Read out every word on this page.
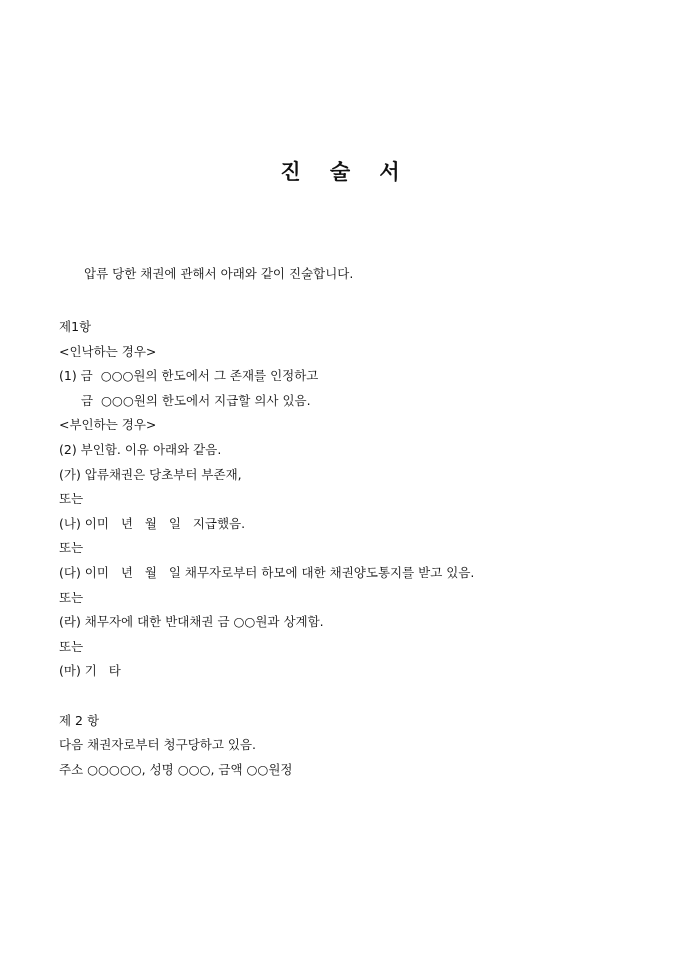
진    술    서
압류 당한 채권에 관해서 아래와 같이 진술합니다.
제1항
<인낙하는 경우>
(1) 금  ○○○원의 한도에서 그 존재를 인정하고
금  ○○○원의 한도에서 지급할 의사 있음.
<부인하는 경우>
(2) 부인함. 이유 아래와 같음.
(가) 압류채권은 당초부터 부존재,
또는
(나) 이미   년   월   일   지급했음.
또는
(다) 이미   년   월   일 채무자로부터 하모에 대한 채권양도통지를 받고 있음.
또는
(라) 채무자에 대한 반대채권 금 ○○원과 상계함.
또는
(마) 기   타
제 2 항
다음 채권자로부터 청구당하고 있음.
주소 ○○○○○, 성명 ○○○, 금액 ○○원정
